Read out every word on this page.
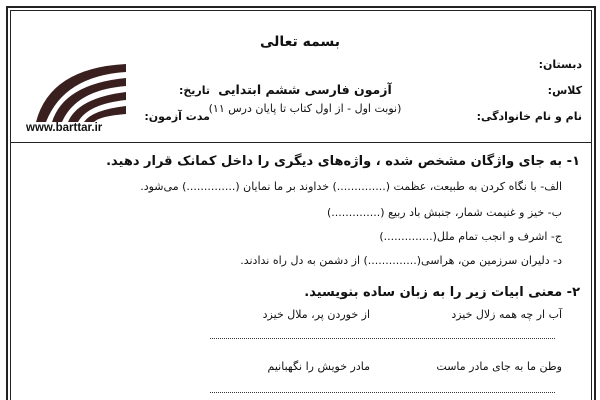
بسمه تعالی
آزمون فارسی ششم ابتدایی
(نوبت اول - از اول کتاب تا پایان درس ۱۱)
دبستان:
کلاس:
نام و نام خانوادگی:
تاریخ:
مدت آزمون:
www.barttar.ir
۱- به جای واژگان مشخص شده ، واژه‌های دیگری را داخل کمانک قرار دهید.
الف- با نگاه کردن به طبیعت، عظمت (..............) خداوند بر ما نمایان (..............) می‌شود.
ب- خیز و غنیمت شمار، جنبش باد ربیع (..............)
ج- اشرف و انجب تمام ملل(..............)
د- دلیران سرزمین من، هراسی(..............) از دشمن به دل راه ندادند.
۲- معنی ابیات زیر را به زبان ساده بنویسید.
آب ار چه همه زلال خیزد
از خوردن پر، ملال خیزد
وطن ما به جای مادر ماست
مادر خویش را نگهبانیم
